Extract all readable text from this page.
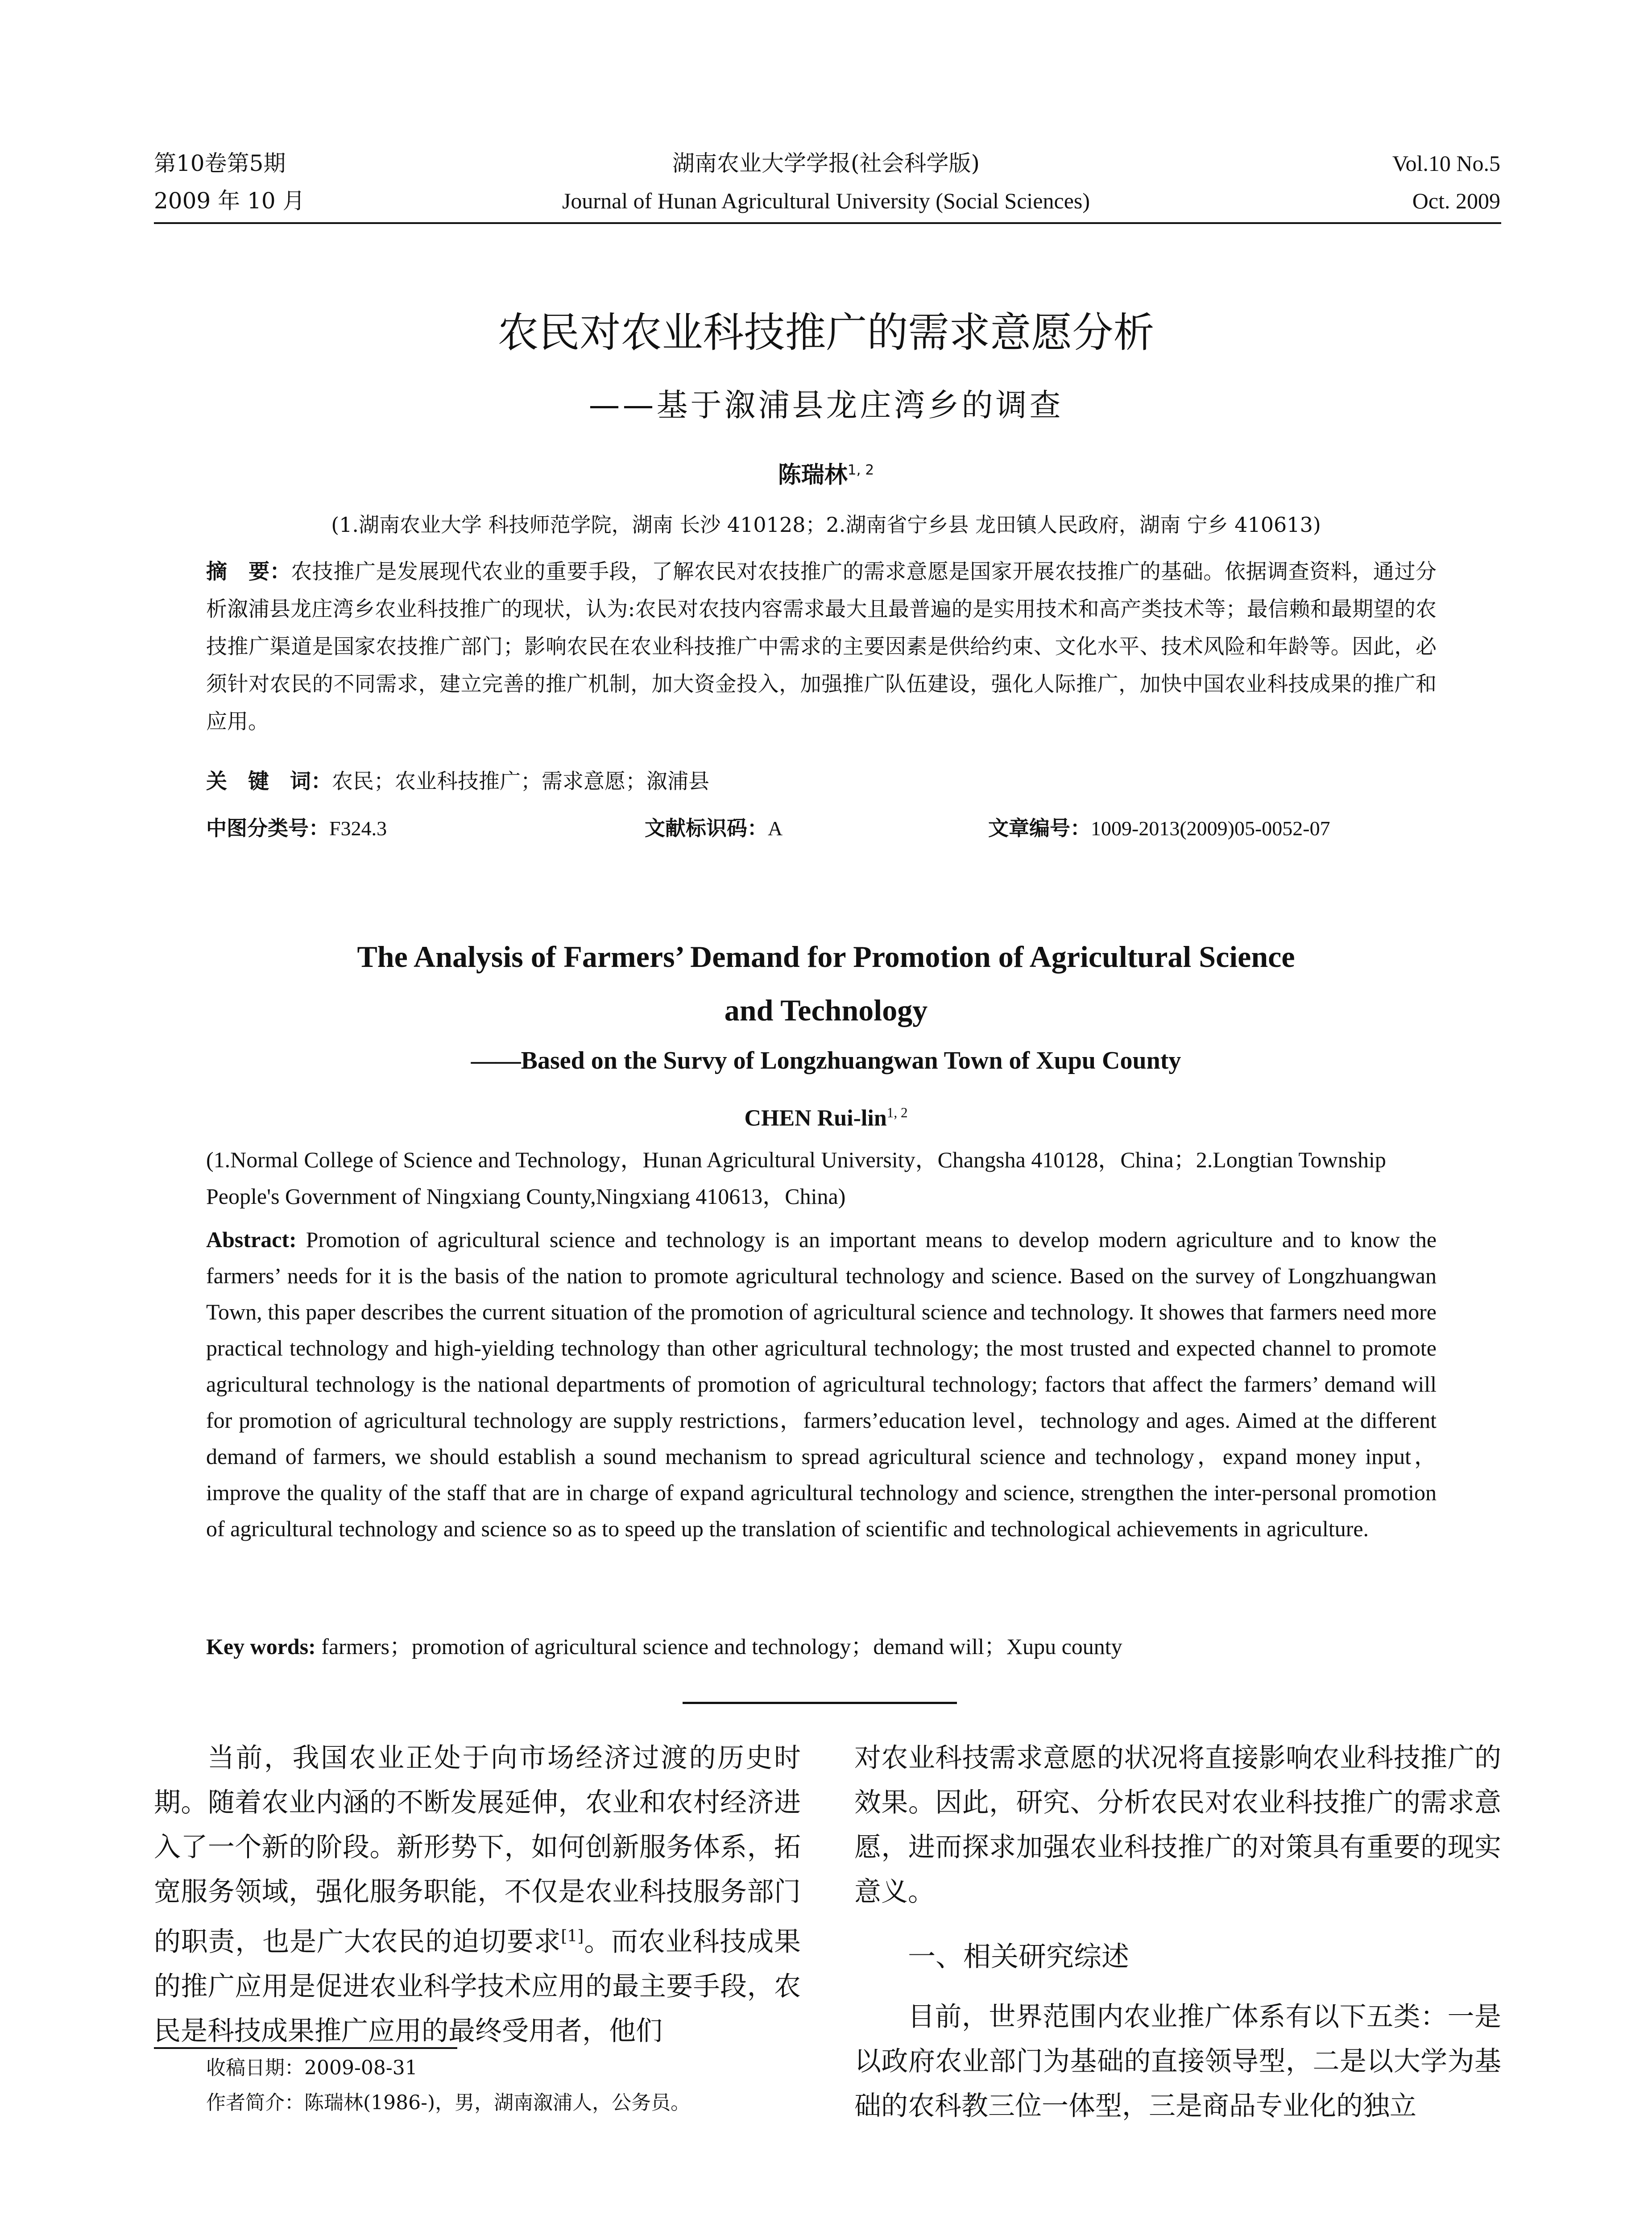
第10卷第5期
2009 年 10 月
湖南农业大学学报(社会科学版)
Journal of Hunan Agricultural University (Social Sciences)
Vol.10 No.5
Oct. 2009
农民对农业科技推广的需求意愿分析
——基于溆浦县龙庄湾乡的调查
陈瑞林$^{1, 2}$
(1.湖南农业大学 科技师范学院，湖南 长沙 410128；2.湖南省宁乡县 龙田镇人民政府，湖南 宁乡 410613)
摘　要：农技推广是发展现代农业的重要手段，了解农民对农技推广的需求意愿是国家开展农技推广的基础。依据调查资料，通过分析溆浦县龙庄湾乡农业科技推广的现状，认为:农民对农技内容需求最大且最普遍的是实用技术和高产类技术等；最信赖和最期望的农技推广渠道是国家农技推广部门；影响农民在农业科技推广中需求的主要因素是供给约束、文化水平、技术风险和年龄等。因此，必须针对农民的不同需求，建立完善的推广机制，加大资金投入，加强推广队伍建设，强化人际推广，加快中国农业科技成果的推广和应用。
关　键　词：农民；农业科技推广；需求意愿；溆浦县
中图分类号：F324.3	文献标识码：A	文章编号：1009-2013(2009)05-0052-07
The Analysis of Farmers’ Demand for Promotion of Agricultural Science
and Technology
——Based on the Survy of Longzhuangwan Town of Xupu County
CHEN Rui-lin$^{1, 2}$
(1.Normal College of Science and Technology，Hunan Agricultural University，Changsha 410128，China；2.Longtian Township People's Government of Ningxiang County,Ningxiang 410613，China)
Abstract: Promotion of agricultural science and technology is an important means to develop modern agriculture and to know the farmers’ needs for it is the basis of the nation to promote agricultural technology and science. Based on the survey of Longzhuangwan Town, this paper describes the current situation of the promotion of agricultural science and technology. It showes that farmers need more practical technology and high-yielding technology than other agricultural technology; the most trusted and expected channel to promote agricultural technology is the national departments of promotion of agricultural technology; factors that affect the farmers’ demand will for promotion of agricultural technology are supply restrictions，farmers’education level，technology and ages. Aimed at the different demand of farmers, we should establish a sound mechanism to spread agricultural science and technology，expand money input，improve the quality of the staff that are in charge of expand agricultural technology and science, strengthen the inter-personal promotion of agricultural technology and science so as to speed up the translation of scientific and technological achievements in agriculture.
Key words: farmers；promotion of agricultural science and technology；demand will；Xupu county
当前，我国农业正处于向市场经济过渡的历史时期。随着农业内涵的不断发展延伸，农业和农村经济进入了一个新的阶段。新形势下，如何创新服务体系，拓宽服务领域，强化服务职能，不仅是农业科技服务部门的职责，也是广大农民的迫切要求[1]。而农业科技成果的推广应用是促进农业科学技术应用的最主要手段，农民是科技成果推广应用的最终受用者，他们
收稿日期：2009-08-31
作者简介：陈瑞林(1986-)，男，湖南溆浦人，公务员。
对农业科技需求意愿的状况将直接影响农业科技推广的效果。因此，研究、分析农民对农业科技推广的需求意愿，进而探求加强农业科技推广的对策具有重要的现实意义。
一、相关研究综述
目前，世界范围内农业推广体系有以下五类：一是以政府农业部门为基础的直接领导型，二是以大学为基础的农科教三位一体型，三是商品专业化的独立
